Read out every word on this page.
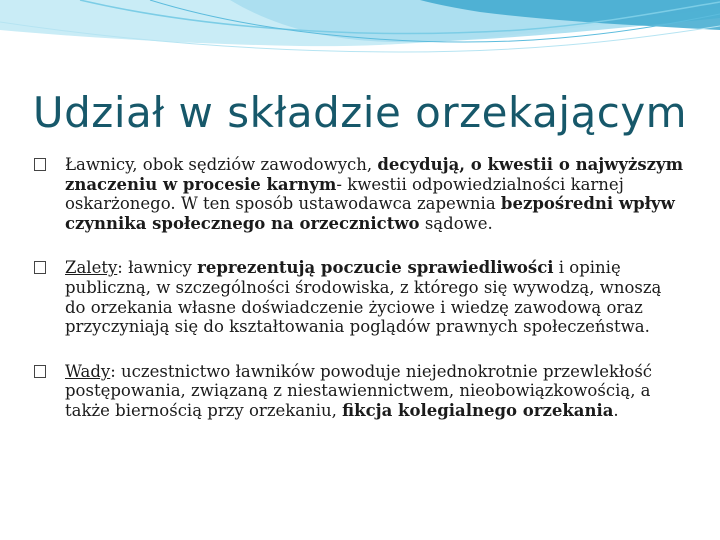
Udział w składzie orzekającym
Ławnicy, obok sędziów zawodowych, decydują, o kwestii o najwyższym znaczeniu w procesie karnym- kwestii odpowiedzialności karnej oskarżonego. W ten sposób ustawodawca zapewnia bezpośredni wpływ czynnika społecznego na orzecznictwo sądowe.
Zalety: ławnicy reprezentują poczucie sprawiedliwości i opinię publiczną, w szczególności środowiska, z którego się wywodzą, wnoszą do orzekania własne doświadczenie życiowe i wiedzę zawodową oraz przyczyniają się do kształtowania poglądów prawnych społeczeństwa.
Wady: uczestnictwo ławników powoduje niejednokrotnie przewlekłość postępowania, związaną z niestawiennictwem, nieobowiązkowością, a także biernością przy orzekaniu, fikcja kolegialnego orzekania.
